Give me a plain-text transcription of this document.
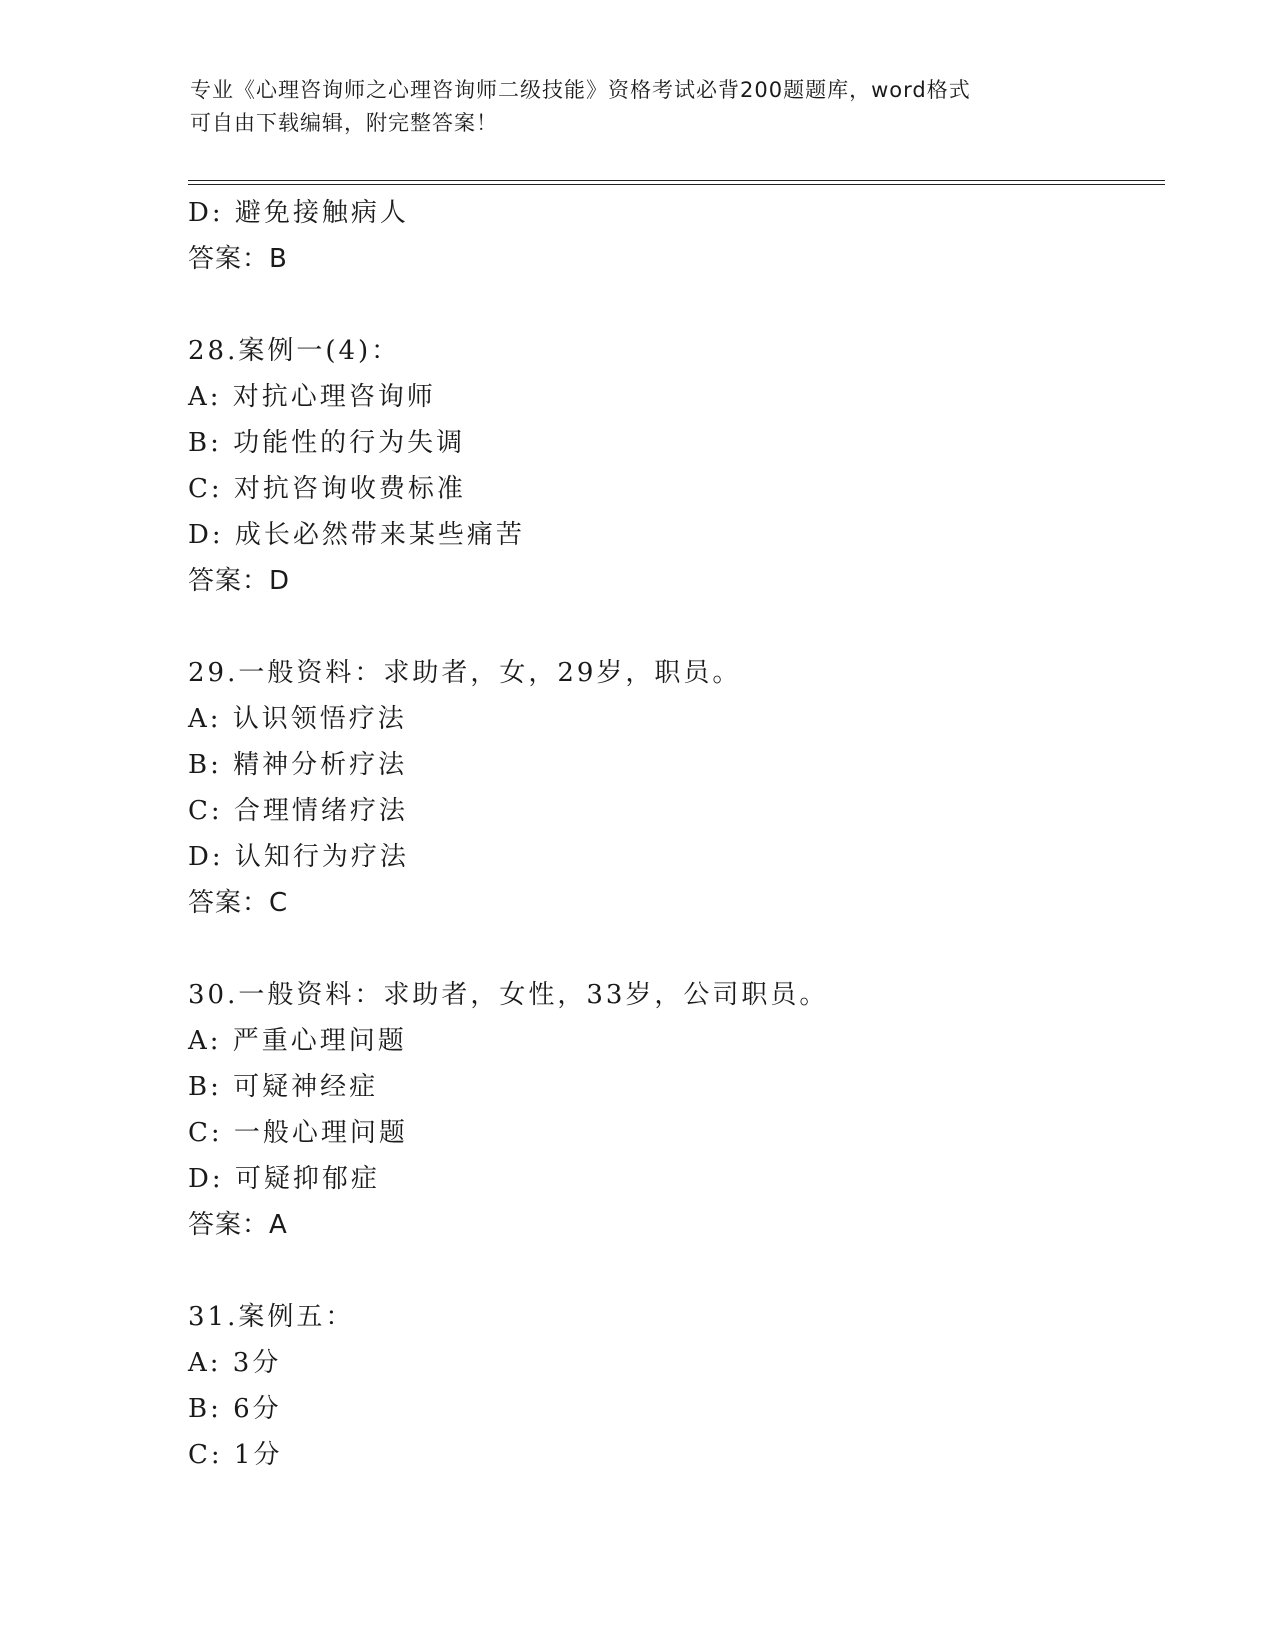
专业《心理咨询师之心理咨询师二级技能》资格考试必背200题题库，word格式
可自由下载编辑，附完整答案！
D: 避免接触病人
答案：B
28.案例一(4)：
A: 对抗心理咨询师
B: 功能性的行为失调
C: 对抗咨询收费标准
D: 成长必然带来某些痛苦
答案：D
29.一般资料：求助者，女，29岁，职员。
A: 认识领悟疗法
B: 精神分析疗法
C: 合理情绪疗法
D: 认知行为疗法
答案：C
30.一般资料：求助者，女性，33岁，公司职员。
A: 严重心理问题
B: 可疑神经症
C: 一般心理问题
D: 可疑抑郁症
答案：A
31.案例五：
A: 3分
B: 6分
C: 1分
